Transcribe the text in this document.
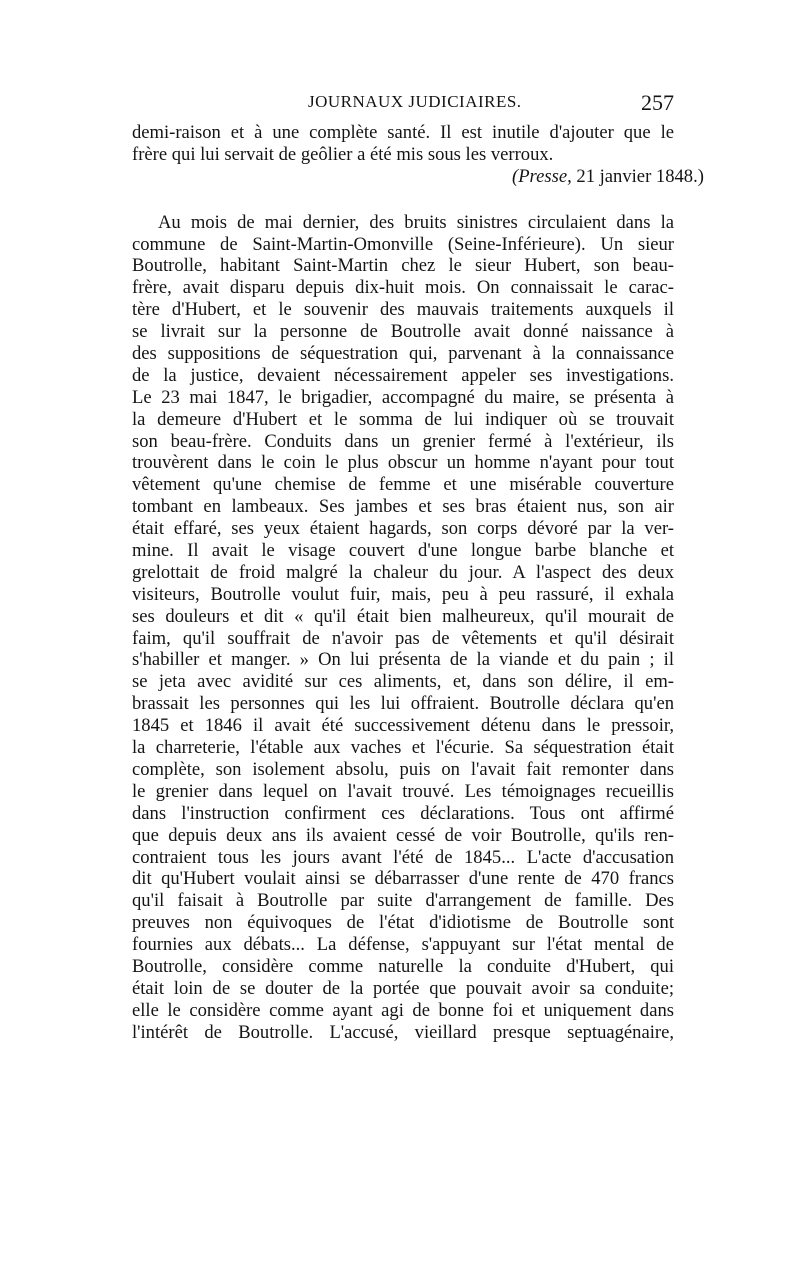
JOURNAUX JUDICIAIRES.	257
demi-raison et à une complète santé. Il est inutile d'ajouter que le
frère qui lui servait de geôlier a été mis sous les verroux.
(Presse, 21 janvier 1848.)
Au mois de mai dernier, des bruits sinistres circulaient dans la
commune de Saint-Martin-Omonville (Seine-Inférieure). Un sieur
Boutrolle, habitant Saint-Martin chez le sieur Hubert, son beau-
frère, avait disparu depuis dix-huit mois. On connaissait le carac-
tère d'Hubert, et le souvenir des mauvais traitements auxquels il
se livrait sur la personne de Boutrolle avait donné naissance à
des suppositions de séquestration qui, parvenant à la connaissance
de la justice, devaient nécessairement appeler ses investigations.
Le 23 mai 1847, le brigadier, accompagné du maire, se présenta à
la demeure d'Hubert et le somma de lui indiquer où se trouvait
son beau-frère. Conduits dans un grenier fermé à l'extérieur, ils
trouvèrent dans le coin le plus obscur un homme n'ayant pour tout
vêtement qu'une chemise de femme et une misérable couverture
tombant en lambeaux. Ses jambes et ses bras étaient nus, son air
était effaré, ses yeux étaient hagards, son corps dévoré par la ver-
mine. Il avait le visage couvert d'une longue barbe blanche et
grelottait de froid malgré la chaleur du jour. A l'aspect des deux
visiteurs, Boutrolle voulut fuir, mais, peu à peu rassuré, il exhala
ses douleurs et dit « qu'il était bien malheureux, qu'il mourait de
faim, qu'il souffrait de n'avoir pas de vêtements et qu'il désirait
s'habiller et manger. » On lui présenta de la viande et du pain ; il
se jeta avec avidité sur ces aliments, et, dans son délire, il em-
brassait les personnes qui les lui offraient. Boutrolle déclara qu'en
1845 et 1846 il avait été successivement détenu dans le pressoir,
la charreterie, l'étable aux vaches et l'écurie. Sa séquestration était
complète, son isolement absolu, puis on l'avait fait remonter dans
le grenier dans lequel on l'avait trouvé. Les témoignages recueillis
dans l'instruction confirment ces déclarations. Tous ont affirmé
que depuis deux ans ils avaient cessé de voir Boutrolle, qu'ils ren-
contraient tous les jours avant l'été de 1845... L'acte d'accusation
dit qu'Hubert voulait ainsi se débarrasser d'une rente de 470 francs
qu'il faisait à Boutrolle par suite d'arrangement de famille. Des
preuves non équivoques de l'état d'idiotisme de Boutrolle sont
fournies aux débats... La défense, s'appuyant sur l'état mental de
Boutrolle, considère comme naturelle la conduite d'Hubert, qui
était loin de se douter de la portée que pouvait avoir sa conduite;
elle le considère comme ayant agi de bonne foi et uniquement dans
l'intérêt de Boutrolle. L'accusé, vieillard presque septuagénaire,
